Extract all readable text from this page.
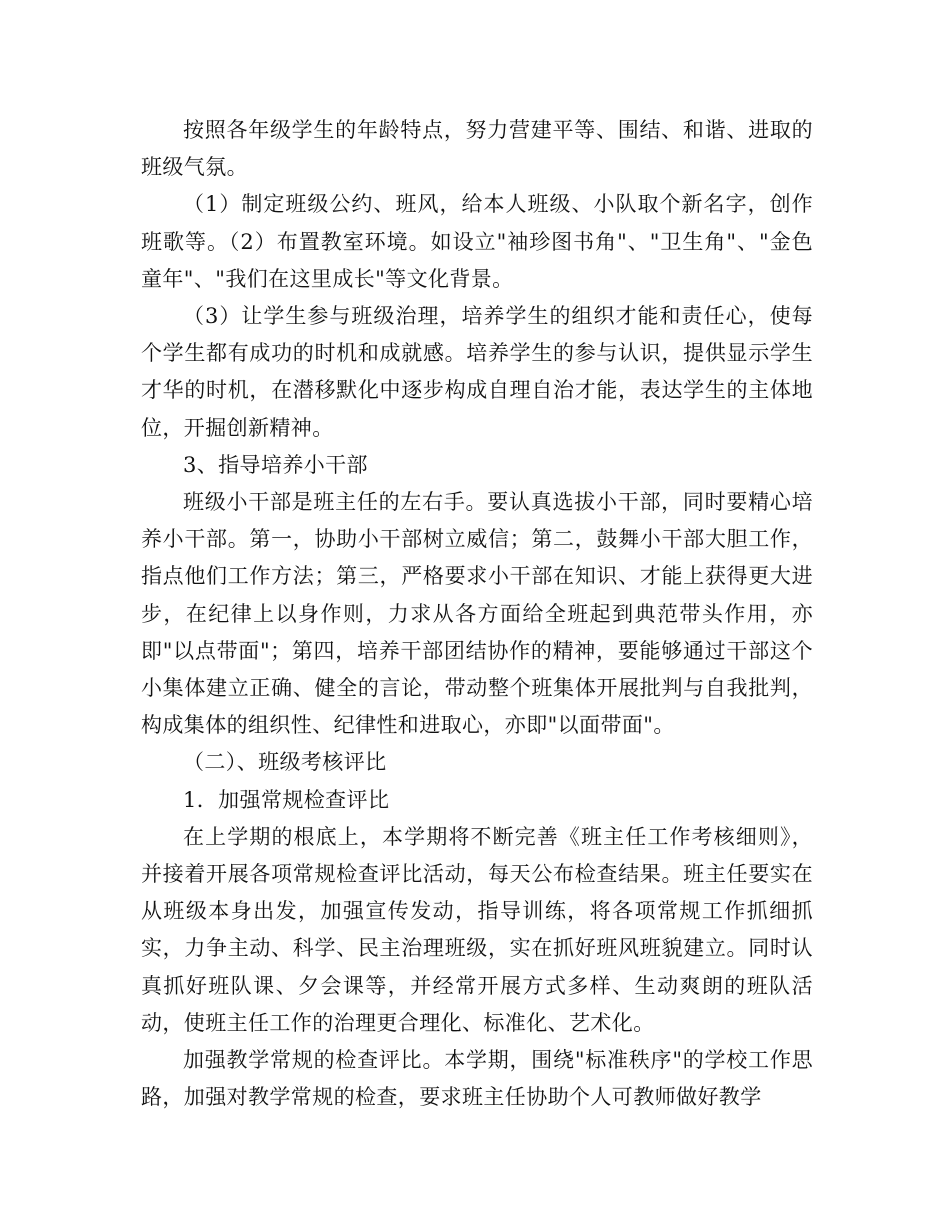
按照各年级学生的年龄特点，努力营建平等、围结、和谐、进取的班级气氛。

（1）制定班级公约、班风，给本人班级、小队取个新名字，创作班歌等。（2）布置教室环境。如设立"袖珍图书角"、"卫生角"、"金色童年"、"我们在这里成长"等文化背景。

（3）让学生参与班级治理，培养学生的组织才能和责任心，使每个学生都有成功的时机和成就感。培养学生的参与认识，提供显示学生才华的时机，在潜移默化中逐步构成自理自治才能，表达学生的主体地位，开掘创新精神。

3、指导培养小干部

班级小干部是班主任的左右手。要认真选拔小干部，同时要精心培养小干部。第一，协助小干部树立威信；第二，鼓舞小干部大胆工作，指点他们工作方法；第三，严格要求小干部在知识、才能上获得更大进步，在纪律上以身作则，力求从各方面给全班起到典范带头作用，亦即"以点带面"；第四，培养干部团结协作的精神，要能够通过干部这个小集体建立正确、健全的言论，带动整个班集体开展批判与自我批判，构成集体的组织性、纪律性和进取心，亦即"以面带面"。

（二）、班级考核评比

1．加强常规检查评比

在上学期的根底上，本学期将不断完善《班主任工作考核细则》，并接着开展各项常规检查评比活动，每天公布检查结果。班主任要实在从班级本身出发，加强宣传发动，指导训练，将各项常规工作抓细抓实，力争主动、科学、民主治理班级，实在抓好班风班貌建立。同时认真抓好班队课、夕会课等，并经常开展方式多样、生动爽朗的班队活动，使班主任工作的治理更合理化、标准化、艺术化。

加强教学常规的检查评比。本学期，围绕"标准秩序"的学校工作思路，加强对教学常规的检查，要求班主任协助个人可教师做好教学
